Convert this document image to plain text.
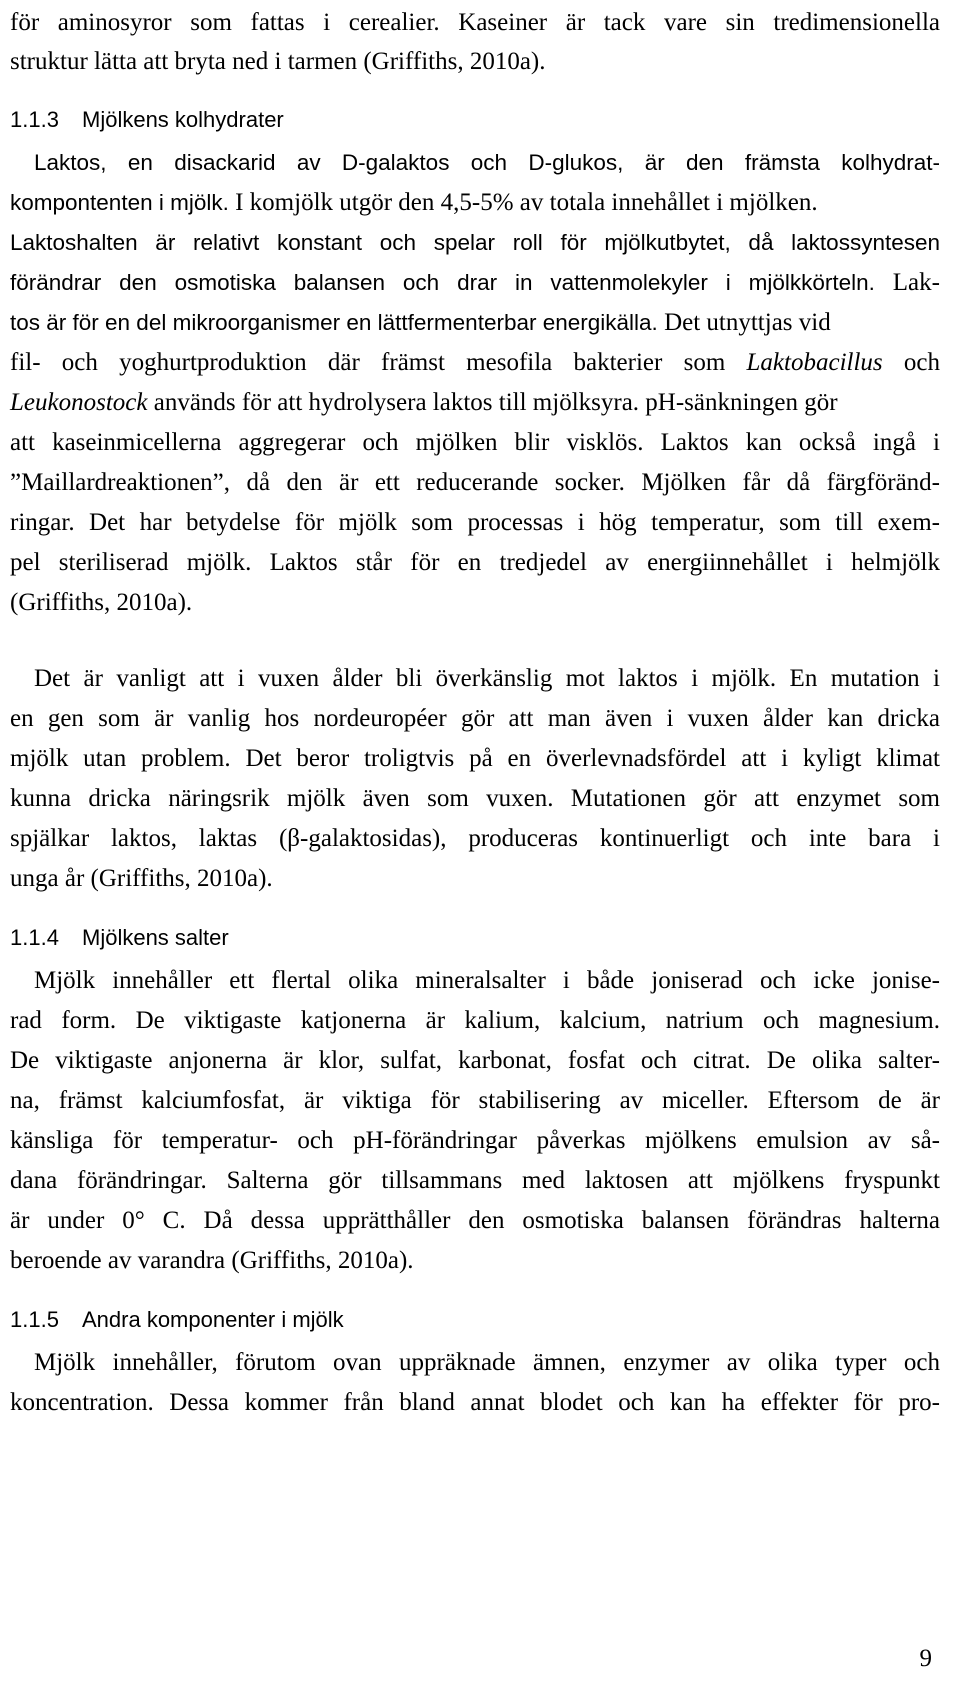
för aminosyror som fattas i cerealier. Kaseiner är tack vare sin tredimensionella
struktur lätta att bryta ned i tarmen (Griffiths, 2010a).
1.1.3 Mjölkens kolhydrater
Laktos, en disackarid av D-galaktos och D-glukos, är den främsta kolhydrat-
kompontenten i mjölk. I komjölk utgör den 4,5-5% av totala innehållet i mjölken.
Laktoshalten är relativt konstant och spelar roll för mjölkutbytet, då laktossyntesen
förändrar den osmotiska balansen och drar in vattenmolekyler i mjölkkörteln. Lak-
tos är för en del mikroorganismer en lättfermenterbar energikälla. Det utnyttjas vid
fil- och yoghurtproduktion där främst mesofila bakterier som Laktobacillus och
Leukonostock används för att hydrolysera laktos till mjölksyra. pH-sänkningen gör
att kaseinmicellerna aggregerar och mjölken blir visklös. Laktos kan också ingå i
”Maillardreaktionen”, då den är ett reducerande socker. Mjölken får då färgföränd-
ringar. Det har betydelse för mjölk som processas i hög temperatur, som till exem-
pel steriliserad mjölk. Laktos står för en tredjedel av energiinnehållet i helmjölk
(Griffiths, 2010a).
Det är vanligt att i vuxen ålder bli överkänslig mot laktos i mjölk. En mutation i
en gen som är vanlig hos nordeuropéer gör att man även i vuxen ålder kan dricka
mjölk utan problem. Det beror troligtvis på en överlevnadsfördel att i kyligt klimat
kunna dricka näringsrik mjölk även som vuxen. Mutationen gör att enzymet som
spjälkar laktos, laktas (β-galaktosidas), produceras kontinuerligt och inte bara i
unga år (Griffiths, 2010a).
1.1.4 Mjölkens salter
Mjölk innehåller ett flertal olika mineralsalter i både joniserad och icke jonise-
rad form. De viktigaste katjonerna är kalium, kalcium, natrium och magnesium.
De viktigaste anjonerna är klor, sulfat, karbonat, fosfat och citrat. De olika salter-
na, främst kalciumfosfat, är viktiga för stabilisering av miceller. Eftersom de är
känsliga för temperatur- och pH-förändringar påverkas mjölkens emulsion av så-
dana förändringar. Salterna gör tillsammans med laktosen att mjölkens fryspunkt
är under 0° C. Då dessa upprätthåller den osmotiska balansen förändras halterna
beroende av varandra (Griffiths, 2010a).
1.1.5 Andra komponenter i mjölk
Mjölk innehåller, förutom ovan uppräknade ämnen, enzymer av olika typer och
koncentration. Dessa kommer från bland annat blodet och kan ha effekter för pro-
9
